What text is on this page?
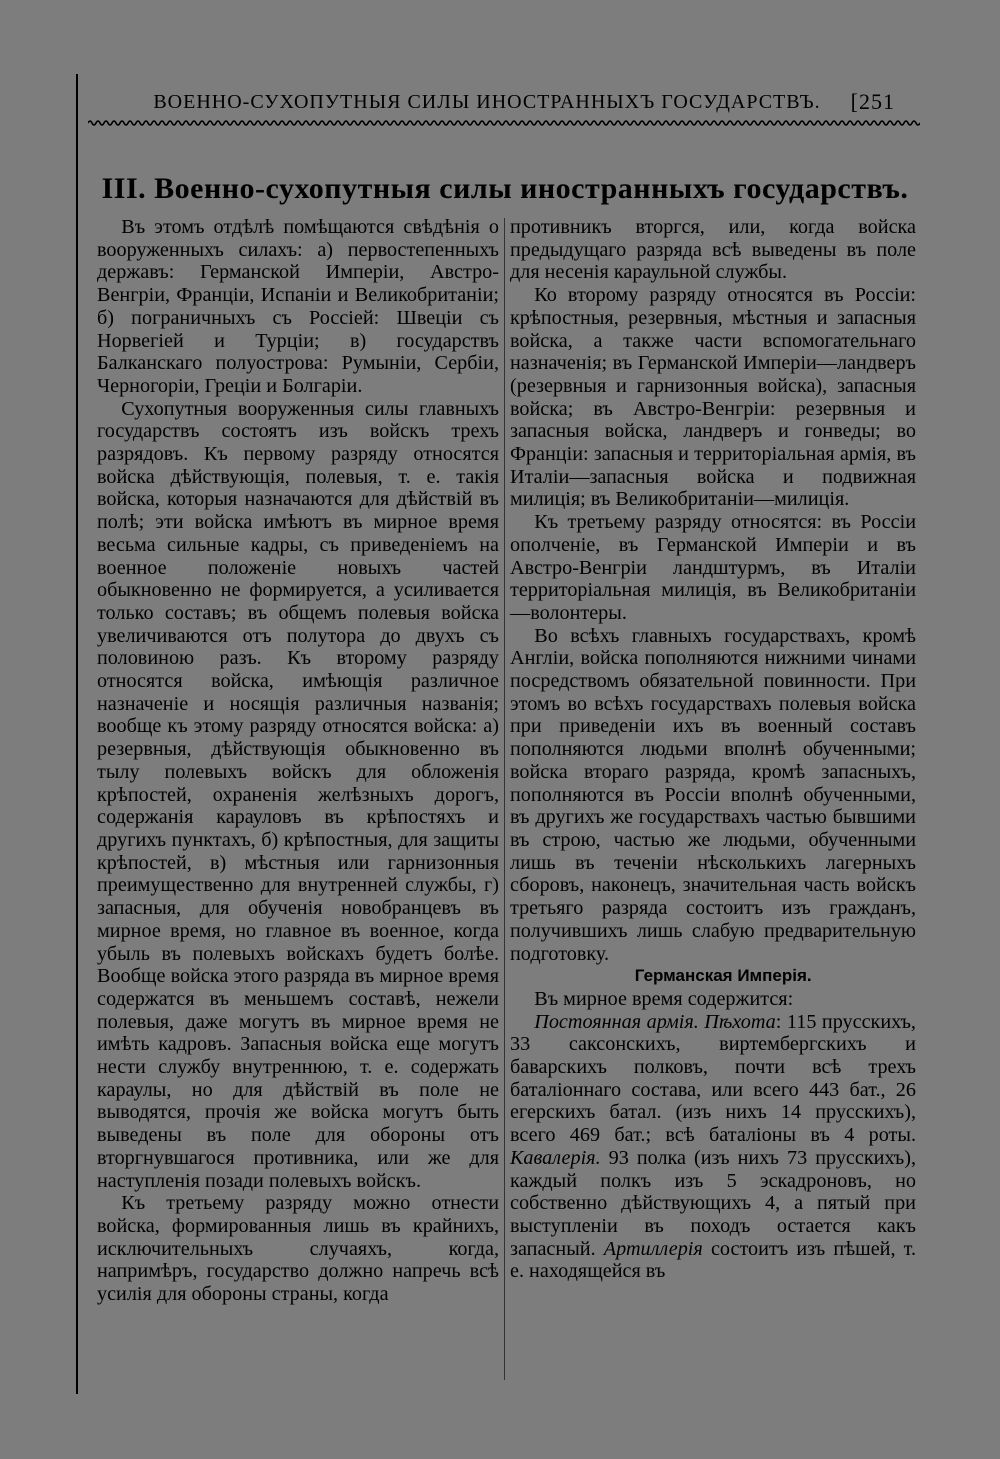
ВОЕННО-СУХОПУТНЫЯ СИЛЫ ИНОСТРАННЫХЪ ГОСУДАРСТВЪ. [251
III. Военно-сухопутныя силы иностранныхъ государствъ.

Въ этомъ отдѣлѣ помѣщаются свѣдѣнія о вооруженныхъ силахъ: а) первостепенныхъ державъ: Германской Имперіи, Австро-Венгріи, Франціи, Испаніи и Великобританіи; б) пограничныхъ съ Россіей: Швеціи съ Норвегіей и Турціи; в) государствъ Балканскаго полуострова: Румыніи, Сербіи, Черногоріи, Греціи и Болгаріи.

Сухопутныя вооруженныя силы главныхъ государствъ состоятъ изъ войскъ трехъ разрядовъ. Къ первому разряду относятся войска дѣйствующія, полевыя, т. е. такія войска, которыя назначаются для дѣйствій въ полѣ; эти войска имѣютъ въ мирное время весьма сильные кадры, съ приведеніемъ на военное положеніе новыхъ частей обыкновенно не формируется, а усиливается только составъ; въ общемъ полевыя войска увеличиваются отъ полутора до двухъ съ половиною разъ. Къ второму разряду относятся войска, имѣющія различное назначеніе и носящія различныя названія; вообще къ этому разряду относятся войска: а) резервныя, дѣйствующія обыкновенно въ тылу полевыхъ войскъ для обложенія крѣпостей, охраненія желѣзныхъ дорогъ, содержанія карауловъ въ крѣпостяхъ и другихъ пунктахъ, б) крѣпостныя, для защиты крѣпостей, в) мѣстныя или гарнизонныя преимущественно для внутренней службы, г) запасныя, для обученія новобранцевъ въ мирное время, но главное въ военное, когда убыль въ полевыхъ войскахъ будетъ болѣе. Вообще войска этого разряда въ мирное время содержатся въ меньшемъ составѣ, нежели полевыя, даже могутъ въ мирное время не имѣть кадровъ. Запасныя войска еще могутъ нести службу внутреннюю, т. е. содержать караулы, но для дѣйствій въ поле не выводятся, прочія же войска могутъ быть выведены въ поле для обороны отъ вторгнувшагося противника, или же для наступленія позади полевыхъ войскъ.

Къ третьему разряду можно отнести войска, формированныя лишь въ крайнихъ, исключительныхъ случаяхъ, когда, напримѣръ, государство должно напречь всѣ усилія для обороны страны, когда

противникъ вторгся, или, когда войска предыдущаго разряда всѣ выведены въ поле для несенія караульной службы.

Ко второму разряду относятся въ Россіи: крѣпостныя, резервныя, мѣстныя и запасныя войска, а также части вспомогательнаго назначенія; въ Германской Имперіи—ландверъ (резервныя и гарнизонныя войска), запасныя войска; въ Австро-Венгріи: резервныя и запасныя войска, ландверъ и гонведы; во Франціи: запасныя и территоріальная армія, въ Италіи—запасныя войска и подвижная милиція; въ Великобританіи—милиція.

Къ третьему разряду относятся: въ Россіи ополченіе, въ Германской Имперіи и въ Австро-Венгріи ландштурмъ, въ Италіи территоріальная милиція, въ Великобританіи—волонтеры.

Во всѣхъ главныхъ государствахъ, кромѣ Англіи, войска пополняются нижними чинами посредствомъ обязательной повинности. При этомъ во всѣхъ государствахъ полевыя войска при приведеніи ихъ въ военный составъ пополняются людьми вполнѣ обученными; войска втораго разряда, кромѣ запасныхъ, пополняются въ Россіи вполнѣ обученными, въ другихъ же государствахъ частью бывшими въ строю, частью же людьми, обученными лишь въ теченіи нѣсколькихъ лагерныхъ сборовъ, наконецъ, значительная часть войскъ третьяго разряда состоитъ изъ гражданъ, получившихъ лишь слабую предварительную подготовку.

Германская Имперія.

Въ мирное время содержится:

Постоянная армія. Пѣхота: 115 прусскихъ, 33 саксонскихъ, виртембергскихъ и баварскихъ полковъ, почти всѣ трехъ баталіоннаго состава, или всего 443 бат., 26 егерскихъ батал. (изъ нихъ 14 прусскихъ), всего 469 бат.; всѣ баталіоны въ 4 роты. Кавалерія. 93 полка (изъ нихъ 73 прусскихъ), каждый полкъ изъ 5 эскадроновъ, но собственно дѣйствующихъ 4, а пятый при выступленіи въ походъ остается какъ запасный. Артиллерія состоитъ изъ пѣшей, т. е. находящейся въ
